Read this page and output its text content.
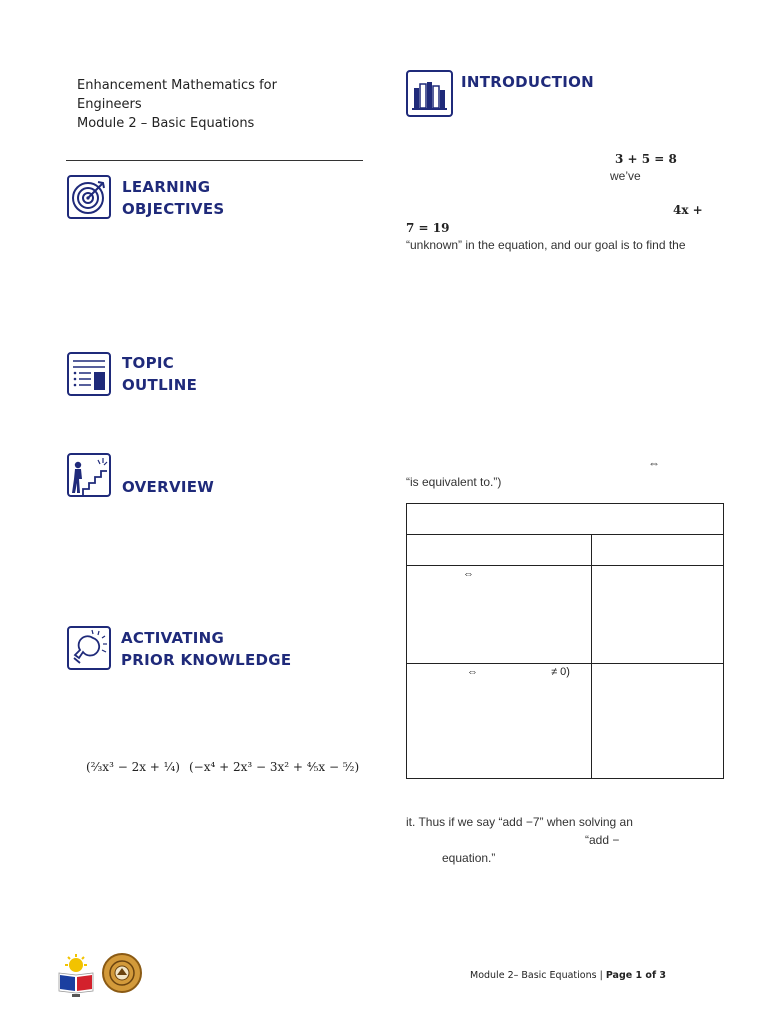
Enhancement Mathematics for
Engineers
Module 2 – Basic Equations
LEARNING
OBJECTIVES
TOPIC
OUTLINE
OVERVIEW
ACTIVATING
PRIOR KNOWLEDGE
(²⁄₃x³ − 2x + ¹⁄₄) (−x⁴ + 2x³ − 3x² + ⁴⁄₅x − ⁵⁄₂)
INTRODUCTION
3 + 5 = 8
we’ve
4x +
7 = 19
“unknown” in the equation, and our goal is to find the
⇔
“is equivalent to.”)

⇔	
⇔ ≠ 0)	
it. Thus if we say “add −7” when solving an
“add −
equation.”
Module 2– Basic Equations | Page 1 of 3
